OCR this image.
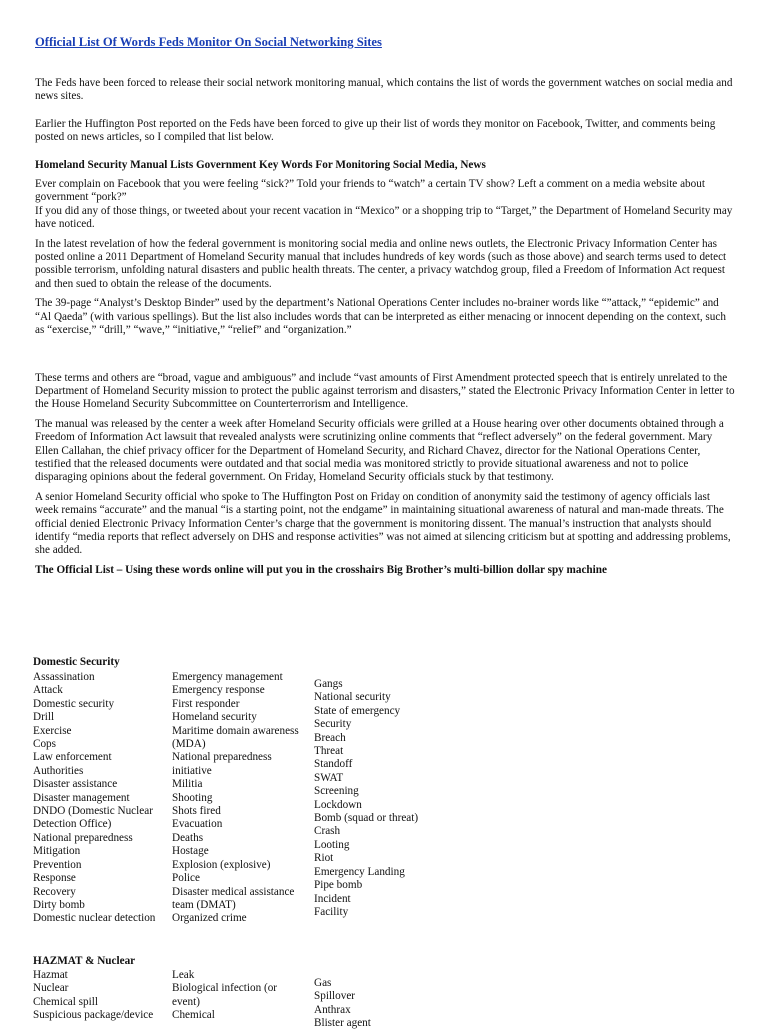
Official List Of Words Feds Monitor On Social Networking Sites

The Feds have been forced to release their social network monitoring manual, which contains the list of words the government watches on social media and news sites.

Earlier the Huffington Post reported on the Feds have been forced to give up their list of words they monitor on Facebook, Twitter, and comments being posted on news articles, so I compiled that list below.

Homeland Security Manual Lists Government Key Words For Monitoring Social Media, News

Ever complain on Facebook that you were feeling “sick?” Told your friends to “watch” a certain TV show? Left a comment on a media website about government “pork?”

If you did any of those things, or tweeted about your recent vacation in “Mexico” or a shopping trip to “Target,” the Department of Homeland Security may have noticed.

In the latest revelation of how the federal government is monitoring social media and online news outlets, the Electronic Privacy Information Center has posted online a 2011 Department of Homeland Security manual that includes hundreds of key words (such as those above) and search terms used to detect possible terrorism, unfolding natural disasters and public health threats. The center, a privacy watchdog group, filed a Freedom of Information Act request and then sued to obtain the release of the documents.

The 39-page “Analyst’s Desktop Binder” used by the department’s National Operations Center includes no-brainer words like “”attack,” “epidemic” and “Al Qaeda” (with various spellings). But the list also includes words that can be interpreted as either menacing or innocent depending on the context, such as “exercise,” “drill,” “wave,” “initiative,” “relief” and “organization.”

These terms and others are “broad, vague and ambiguous” and include “vast amounts of First Amendment protected speech that is entirely unrelated to the Department of Homeland Security mission to protect the public against terrorism and disasters,” stated the Electronic Privacy Information Center in letter to the House Homeland Security Subcommittee on Counterterrorism and Intelligence.

The manual was released by the center a week after Homeland Security officials were grilled at a House hearing over other documents obtained through a Freedom of Information Act lawsuit that revealed analysts were scrutinizing online comments that “reflect adversely” on the federal government. Mary Ellen Callahan, the chief privacy officer for the Department of Homeland Security, and Richard Chavez, director for the National Operations Center, testified that the released documents were outdated and that social media was monitored strictly to provide situational awareness and not to police disparaging opinions about the federal government. On Friday, Homeland Security officials stuck by that testimony.

A senior Homeland Security official who spoke to The Huffington Post on Friday on condition of anonymity said the testimony of agency officials last week remains “accurate” and the manual “is a starting point, not the endgame” in maintaining situational awareness of natural and man-made threats. The official denied Electronic Privacy Information Center’s charge that the government is monitoring dissent. The manual’s instruction that analysts should identify “media reports that reflect adversely on DHS and response activities” was not aimed at silencing criticism but at spotting and addressing problems, she added.

The Official List – Using these words online will put you in the crosshairs Big Brother’s multi-billion dollar spy machine

Domestic Security
Assassination
Attack
Domestic security
Drill
Exercise
Cops
Law enforcement
Authorities
Disaster assistance
Disaster management
DNDO (Domestic Nuclear Detection Office)
National preparedness
Mitigation
Prevention
Response
Recovery
Dirty bomb
Domestic nuclear detection
Emergency management
Emergency response
First responder
Homeland security
Maritime domain awareness (MDA)
National preparedness initiative
Militia
Shooting
Shots fired
Evacuation
Deaths
Hostage
Explosion (explosive)
Police
Disaster medical assistance team (DMAT)
Organized crime
Gangs
National security
State of emergency
Security
Breach
Threat
Standoff
SWAT
Screening
Lockdown
Bomb (squad or threat)
Crash
Looting
Riot
Emergency Landing
Pipe bomb
Incident
Facility
HAZMAT & Nuclear
Hazmat
Nuclear
Chemical spill
Suspicious package/device
Leak
Biological infection (or event)
Chemical
Gas
Spillover
Anthrax
Blister agent
